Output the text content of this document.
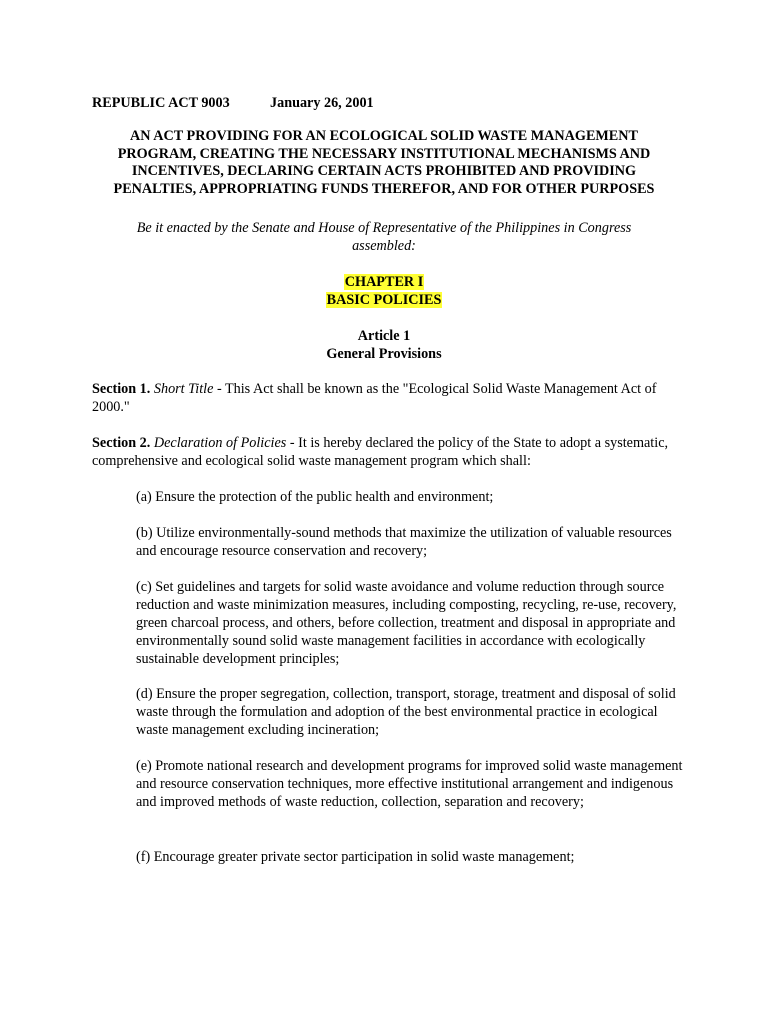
REPUBLIC ACT 9003	January 26, 2001
AN ACT PROVIDING FOR AN ECOLOGICAL SOLID WASTE MANAGEMENT
PROGRAM, CREATING THE NECESSARY INSTITUTIONAL MECHANISMS AND
INCENTIVES, DECLARING CERTAIN ACTS PROHIBITED AND PROVIDING
PENALTIES, APPROPRIATING FUNDS THEREFOR, AND FOR OTHER PURPOSES
Be it enacted by the Senate and House of Representative of the Philippines in Congress
assembled:
CHAPTER I
BASIC POLICIES
Article 1
General Provisions
Section 1. Short Title - This Act shall be known as the "Ecological Solid Waste Management Act of 2000."
Section 2. Declaration of Policies - It is hereby declared the policy of the State to adopt a systematic, comprehensive and ecological solid waste management program which shall:
(a) Ensure the protection of the public health and environment;
(b) Utilize environmentally-sound methods that maximize the utilization of valuable resources and encourage resource conservation and recovery;
(c) Set guidelines and targets for solid waste avoidance and volume reduction through source reduction and waste minimization measures, including composting, recycling, re-use, recovery, green charcoal process, and others, before collection, treatment and disposal in appropriate and environmentally sound solid waste management facilities in accordance with ecologically sustainable development principles;
(d) Ensure the proper segregation, collection, transport, storage, treatment and disposal of solid waste through the formulation and adoption of the best environmental practice in ecological waste management excluding incineration;
(e) Promote national research and development programs for improved solid waste management and resource conservation techniques, more effective institutional arrangement and indigenous and improved methods of waste reduction, collection, separation and recovery;
(f) Encourage greater private sector participation in solid waste management;
